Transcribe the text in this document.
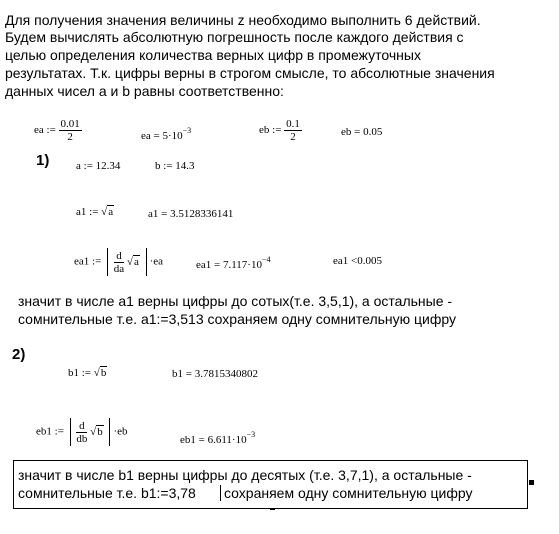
Для получения значения величины z необходимо выполнить 6 действий.
Будем вычислять абсолютную погрешность после каждого действия с
целью определения количества верных цифр в промежуточных
результатах. Т.к. цифры верны в строгом смысле, то абсолютные значения
данных чисел a и b равны соответственно:
ea := $\frac{0.01}{2}$	ea = $5\cdot 10^{-3}$	eb := $\frac{0.1}{2}$	eb = 0.05
1) a := 12.34	b := 14.3
a1 := √a	a1 = 3.5128336141
ea1 := $\frac{d}{da} √a \cdot ea$	$ea1 = 7.117\cdot 10^{-4}$	ea1 <0.005
значит в числе a1 верны цифры до сотых(т.е. 3,5,1), а остальные -
сомнительные т.е. a1:=3,513 сохраняем одну сомнительную цифру
2)
b1 := √b	b1 = 3.7815340802
eb1 := $\frac{d}{db} √b \cdot eb$
$eb1 = 6.611\cdot 10^{-3}$
значит в числе b1 верны цифры до десятых (т.е. 3,7,1), а остальные -
сомнительные т.е. b1:=3,78 сохраняем одну сомнительную цифру
